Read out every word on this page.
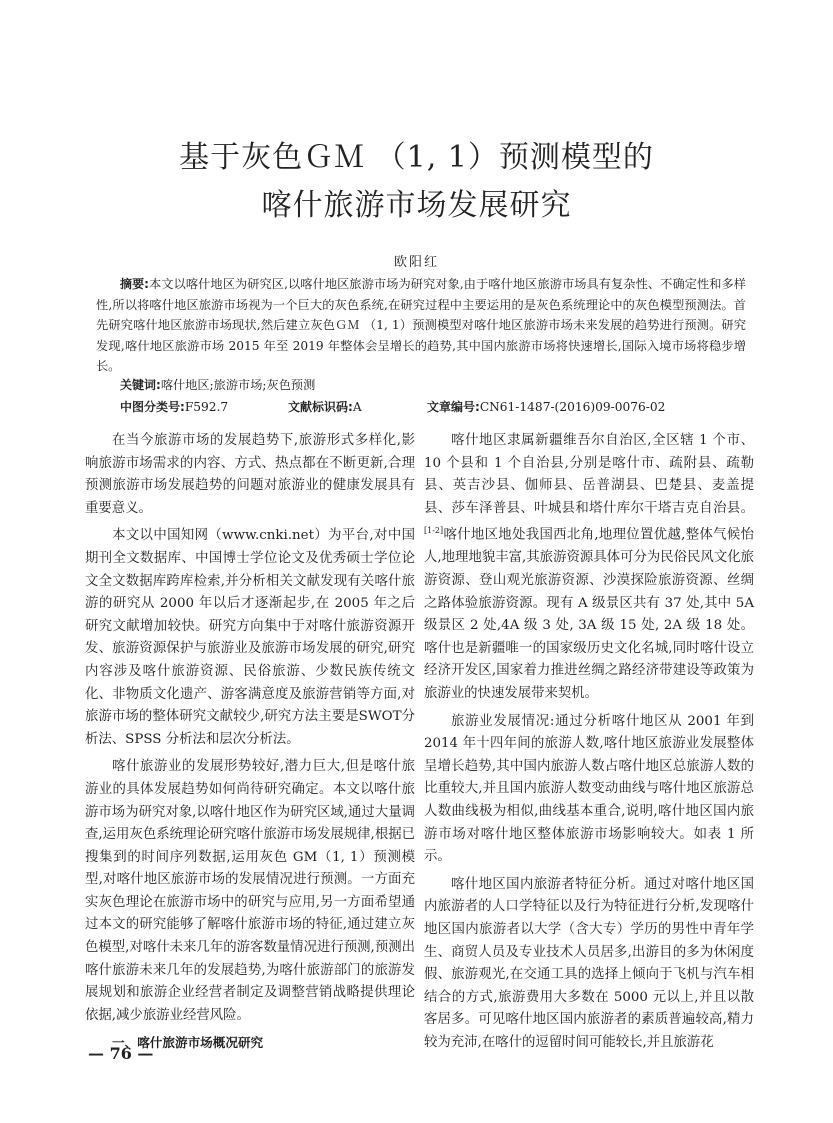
基于灰色ＧＭ （1, 1）预测模型的
喀什旅游市场发展研究
欧阳红
摘要:本文以喀什地区为研究区,以喀什地区旅游市场为研究对象,由于喀什地区旅游市场具有复杂性、不确定性和多样性,所以将喀什地区旅游市场视为一个巨大的灰色系统,在研究过程中主要运用的是灰色系统理论中的灰色模型预测法。首先研究喀什地区旅游市场现状,然后建立灰色ＧＭ （1, 1）预测模型对喀什地区旅游市场未来发展的趋势进行预测。研究发现,喀什地区旅游市场 2015 年至 2019 年整体会呈增长的趋势,其中国内旅游市场将快速增长,国际入境市场将稳步增长。
关键词:喀什地区;旅游市场;灰色预测
中图分类号:F592.7	文献标识码:A	文章编号:CN61-1487-(2016)09-0076-02

在当今旅游市场的发展趋势下,旅游形式多样化,影响旅游市场需求的内容、方式、热点都在不断更新,合理预测旅游市场发展趋势的问题对旅游业的健康发展具有重要意义。

本文以中国知网（www.cnki.net）为平台,对中国期刊全文数据库、中国博士学位论文及优秀硕士学位论文全文数据库跨库检索,并分析相关文献发现有关喀什旅游的研究从 2000 年以后才逐渐起步,在 2005 年之后研究文献增加较快。研究方向集中于对喀什旅游资源开发、旅游资源保护与旅游业及旅游市场发展的研究,研究内容涉及喀什旅游资源、民俗旅游、少数民族传统文化、非物质文化遗产、游客满意度及旅游营销等方面,对旅游市场的整体研究文献较少,研究方法主要是SWOT分析法、SPSS 分析法和层次分析法。

喀什旅游业的发展形势较好,潜力巨大,但是喀什旅游业的具体发展趋势如何尚待研究确定。本文以喀什旅游市场为研究对象,以喀什地区作为研究区域,通过大量调查,运用灰色系统理论研究喀什旅游市场发展规律,根据已搜集到的时间序列数据,运用灰色 GM（1, 1）预测模型,对喀什地区旅游市场的发展情况进行预测。一方面充实灰色理论在旅游市场中的研究与应用,另一方面希望通过本文的研究能够了解喀什旅游市场的特征,通过建立灰色模型,对喀什未来几年的游客数量情况进行预测,预测出喀什旅游未来几年的发展趋势,为喀什旅游部门的旅游发展规划和旅游企业经营者制定及调整营销战略提供理论依据,减少旅游业经营风险。

一、喀什旅游市场概况研究

喀什地区隶属新疆维吾尔自治区,全区辖 1 个市、10 个县和 1 个自治县,分别是喀什市、疏附县、疏勒县、英吉沙县、伽师县、岳普湖县、巴楚县、麦盖提县、莎车泽普县、叶城县和塔什库尔干塔吉克自治县。[1-2]喀什地区地处我国西北角,地理位置优越,整体气候怡人,地理地貌丰富,其旅游资源具体可分为民俗民风文化旅游资源、登山观光旅游资源、沙漠探险旅游资源、丝绸之路体验旅游资源。现有 A 级景区共有 37 处,其中 5A 级景区 2 处,4A 级 3 处, 3A 级 15 处, 2A 级 18 处。喀什也是新疆唯一的国家级历史文化名城,同时喀什设立经济开发区,国家着力推进丝绸之路经济带建设等政策为旅游业的快速发展带来契机。

旅游业发展情况:通过分析喀什地区从 2001 年到 2014 年十四年间的旅游人数,喀什地区旅游业发展整体呈增长趋势,其中国内旅游人数占喀什地区总旅游人数的比重较大,并且国内旅游人数变动曲线与喀什地区旅游总人数曲线极为相似,曲线基本重合,说明,喀什地区国内旅游市场对喀什地区整体旅游市场影响较大。如表 1 所示。

喀什地区国内旅游者特征分析。通过对喀什地区国内旅游者的人口学特征以及行为特征进行分析,发现喀什地区国内旅游者以大学（含大专）学历的男性中青年学生、商贸人员及专业技术人员居多,出游目的多为休闲度假、旅游观光,在交通工具的选择上倾向于飞机与汽车相结合的方式,旅游费用大多数在 5000 元以上,并且以散客居多。可见喀什地区国内旅游者的素质普遍较高,精力较为充沛,在喀什的逗留时间可能较长,并且旅游花

— 76 —
